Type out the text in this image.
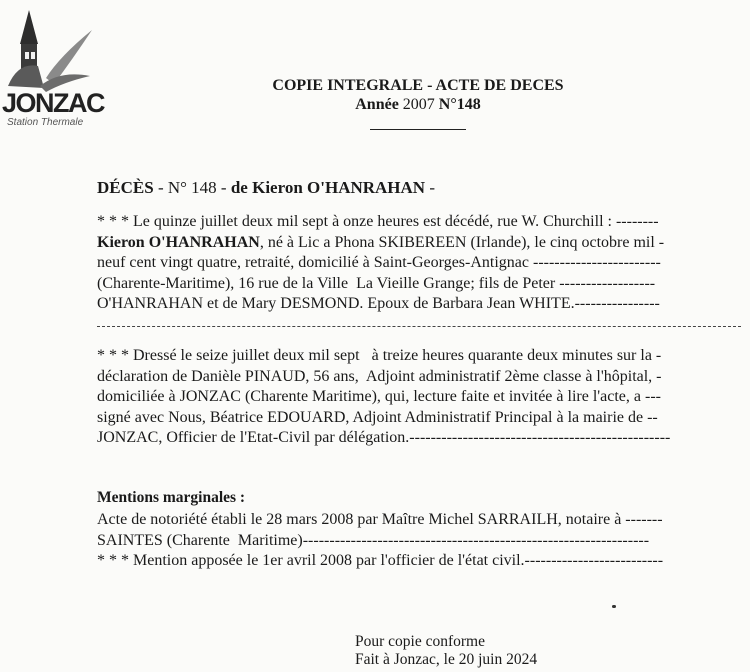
JONZAC
Station Thermale
COPIE INTEGRALE - ACTE DE DECES
Année 2007 N°148
DÉCÈS - N° 148 - de Kieron O'HANRAHAN -
* * * Le quinze juillet deux mil sept à onze heures est décédé, rue W. Churchill : --------
Kieron O'HANRAHAN, né à Lic a Phona SKIBEREEN (Irlande), le cinq octobre mil -
neuf cent vingt quatre, retraité, domicilié à Saint-Georges-Antignac ------------------------
(Charente-Maritime), 16 rue de la Ville  La Vieille Grange; fils de Peter ------------------
O'HANRAHAN et de Mary DESMOND. Epoux de Barbara Jean WHITE.----------------
* * * Dressé le seize juillet deux mil sept   à treize heures quarante deux minutes sur la -
déclaration de Danièle PINAUD, 56 ans,  Adjoint administratif 2ème classe à l'hôpital, -
domiciliée à JONZAC (Charente Maritime), qui, lecture faite et invitée à lire l'acte, a ---
signé avec Nous, Béatrice EDOUARD, Adjoint Administratif Principal à la mairie de --
JONZAC, Officier de l'Etat-Civil par délégation.-------------------------------------------------
Mentions marginales :
Acte de notoriété établi le 28 mars 2008 par Maître Michel SARRAILH, notaire à -------
SAINTES (Charente  Maritime)-----------------------------------------------------------------
* * * Mention apposée le 1er avril 2008 par l'officier de l'état civil.--------------------------
Pour copie conforme
Fait à Jonzac, le 20 juin 2024
